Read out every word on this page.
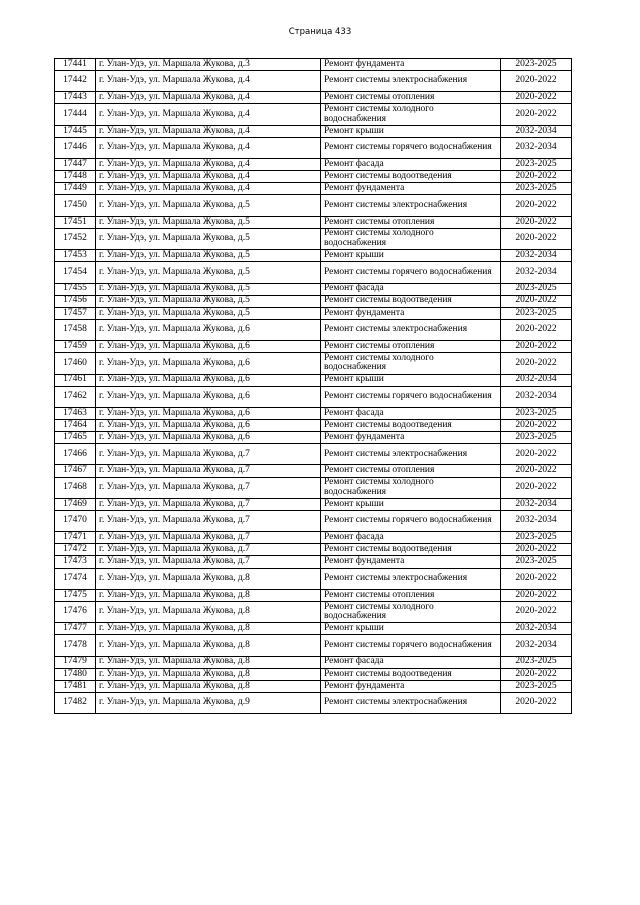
Страница 433
17441	г. Улан-Удэ, ул. Маршала Жукова, д.3	Ремонт фундамента	2023-2025
17442	г. Улан-Удэ, ул. Маршала Жукова, д.4	Ремонт системы электроснабжения	2020-2022
17443	г. Улан-Удэ, ул. Маршала Жукова, д.4	Ремонт системы отопления	2020-2022
17444	г. Улан-Удэ, ул. Маршала Жукова, д.4	Ремонт системы холодного водоснабжения	2020-2022
17445	г. Улан-Удэ, ул. Маршала Жукова, д.4	Ремонт крыши	2032-2034
17446	г. Улан-Удэ, ул. Маршала Жукова, д.4	Ремонт системы горячего водоснабжения	2032-2034
17447	г. Улан-Удэ, ул. Маршала Жукова, д.4	Ремонт фасада	2023-2025
17448	г. Улан-Удэ, ул. Маршала Жукова, д.4	Ремонт системы водоотведения	2020-2022
17449	г. Улан-Удэ, ул. Маршала Жукова, д.4	Ремонт фундамента	2023-2025
17450	г. Улан-Удэ, ул. Маршала Жукова, д.5	Ремонт системы электроснабжения	2020-2022
17451	г. Улан-Удэ, ул. Маршала Жукова, д.5	Ремонт системы отопления	2020-2022
17452	г. Улан-Удэ, ул. Маршала Жукова, д.5	Ремонт системы холодного водоснабжения	2020-2022
17453	г. Улан-Удэ, ул. Маршала Жукова, д.5	Ремонт крыши	2032-2034
17454	г. Улан-Удэ, ул. Маршала Жукова, д.5	Ремонт системы горячего водоснабжения	2032-2034
17455	г. Улан-Удэ, ул. Маршала Жукова, д.5	Ремонт фасада	2023-2025
17456	г. Улан-Удэ, ул. Маршала Жукова, д.5	Ремонт системы водоотведения	2020-2022
17457	г. Улан-Удэ, ул. Маршала Жукова, д.5	Ремонт фундамента	2023-2025
17458	г. Улан-Удэ, ул. Маршала Жукова, д.6	Ремонт системы электроснабжения	2020-2022
17459	г. Улан-Удэ, ул. Маршала Жукова, д.6	Ремонт системы отопления	2020-2022
17460	г. Улан-Удэ, ул. Маршала Жукова, д.6	Ремонт системы холодного водоснабжения	2020-2022
17461	г. Улан-Удэ, ул. Маршала Жукова, д.6	Ремонт крыши	2032-2034
17462	г. Улан-Удэ, ул. Маршала Жукова, д.6	Ремонт системы горячего водоснабжения	2032-2034
17463	г. Улан-Удэ, ул. Маршала Жукова, д.6	Ремонт фасада	2023-2025
17464	г. Улан-Удэ, ул. Маршала Жукова, д.6	Ремонт системы водоотведения	2020-2022
17465	г. Улан-Удэ, ул. Маршала Жукова, д.6	Ремонт фундамента	2023-2025
17466	г. Улан-Удэ, ул. Маршала Жукова, д.7	Ремонт системы электроснабжения	2020-2022
17467	г. Улан-Удэ, ул. Маршала Жукова, д.7	Ремонт системы отопления	2020-2022
17468	г. Улан-Удэ, ул. Маршала Жукова, д.7	Ремонт системы холодного водоснабжения	2020-2022
17469	г. Улан-Удэ, ул. Маршала Жукова, д.7	Ремонт крыши	2032-2034
17470	г. Улан-Удэ, ул. Маршала Жукова, д.7	Ремонт системы горячего водоснабжения	2032-2034
17471	г. Улан-Удэ, ул. Маршала Жукова, д.7	Ремонт фасада	2023-2025
17472	г. Улан-Удэ, ул. Маршала Жукова, д.7	Ремонт системы водоотведения	2020-2022
17473	г. Улан-Удэ, ул. Маршала Жукова, д.7	Ремонт фундамента	2023-2025
17474	г. Улан-Удэ, ул. Маршала Жукова, д.8	Ремонт системы электроснабжения	2020-2022
17475	г. Улан-Удэ, ул. Маршала Жукова, д.8	Ремонт системы отопления	2020-2022
17476	г. Улан-Удэ, ул. Маршала Жукова, д.8	Ремонт системы холодного водоснабжения	2020-2022
17477	г. Улан-Удэ, ул. Маршала Жукова, д.8	Ремонт крыши	2032-2034
17478	г. Улан-Удэ, ул. Маршала Жукова, д.8	Ремонт системы горячего водоснабжения	2032-2034
17479	г. Улан-Удэ, ул. Маршала Жукова, д.8	Ремонт фасада	2023-2025
17480	г. Улан-Удэ, ул. Маршала Жукова, д.8	Ремонт системы водоотведения	2020-2022
17481	г. Улан-Удэ, ул. Маршала Жукова, д.8	Ремонт фундамента	2023-2025
17482	г. Улан-Удэ, ул. Маршала Жукова, д.9	Ремонт системы электроснабжения	2020-2022
